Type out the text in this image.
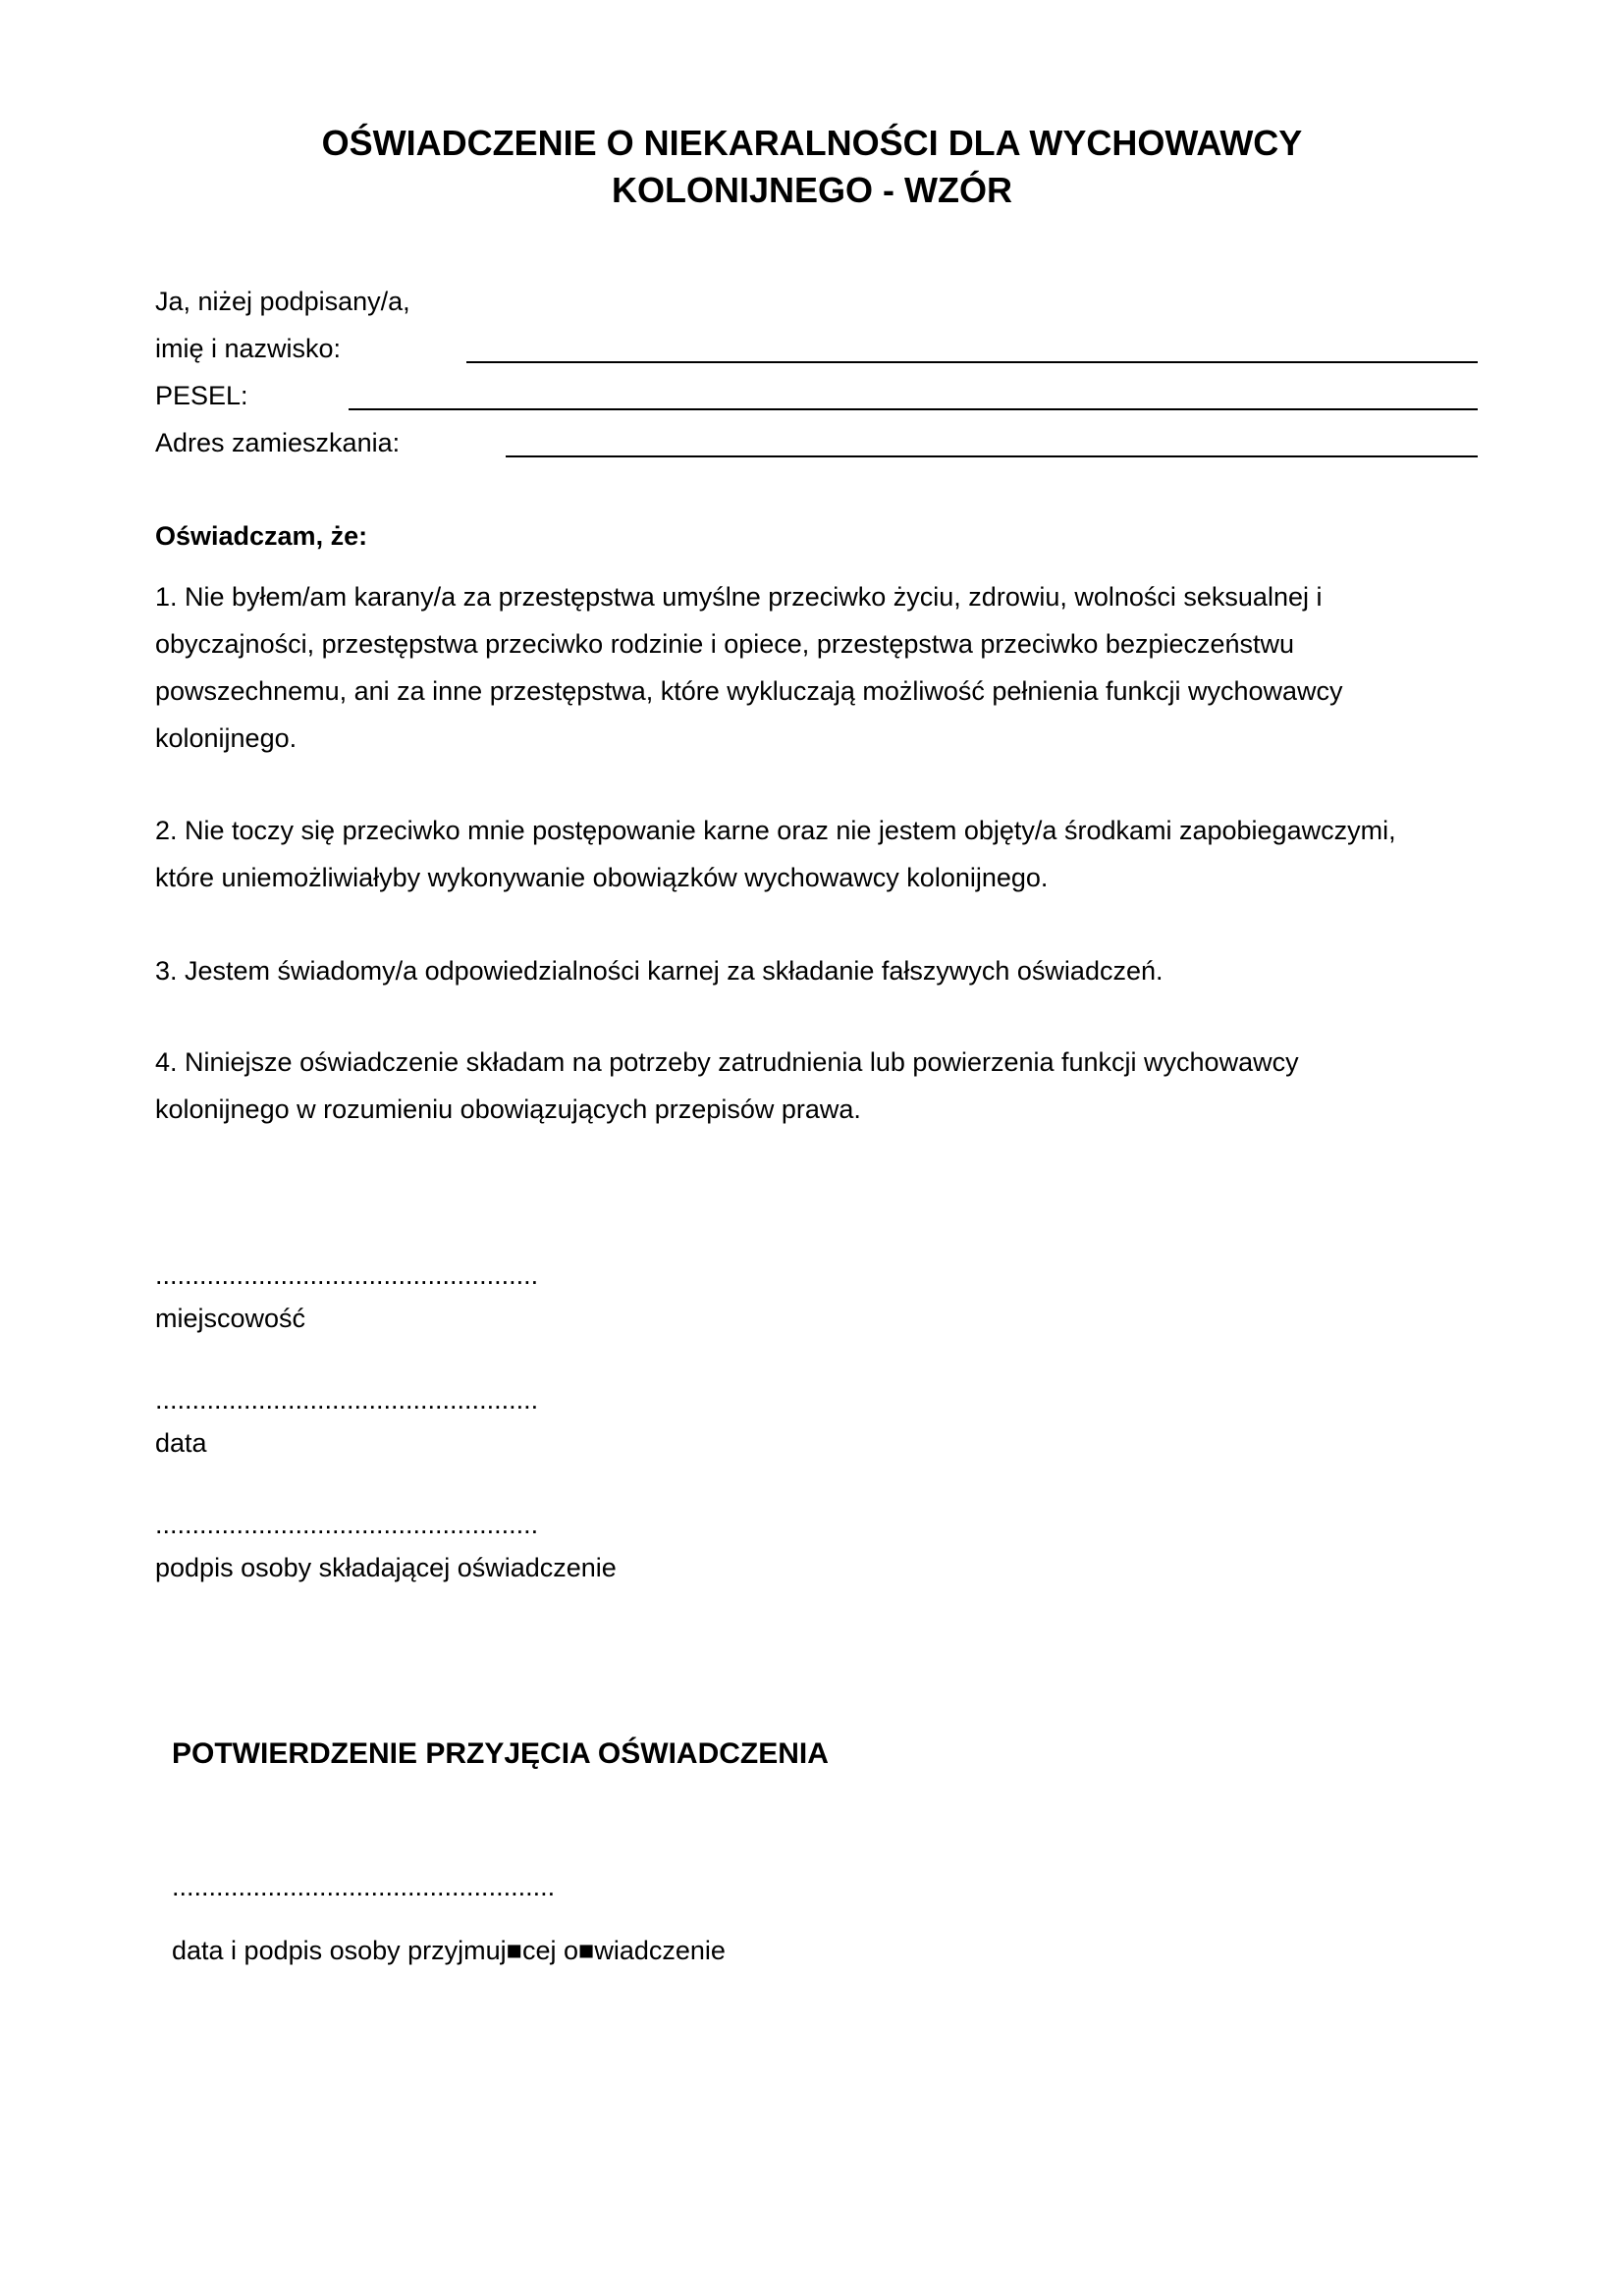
OŚWIADCZENIE O NIEKARALNOŚCI DLA WYCHOWAWCY
KOLONIJNEGO - WZÓR

Ja, niżej podpisany/a,

imię i nazwisko:

PESEL:

Adres zamieszkania:

Oświadczam, że:

1. Nie byłem/am karany/a za przestępstwa umyślne przeciwko życiu, zdrowiu, wolności seksualnej i
obyczajności, przestępstwa przeciwko rodzinie i opiece, przestępstwa przeciwko bezpieczeństwu
powszechnemu, ani za inne przestępstwa, które wykluczają możliwość pełnienia funkcji wychowawcy
kolonijnego.
2. Nie toczy się przeciwko mnie postępowanie karne oraz nie jestem objęty/a środkami zapobiegawczymi,
które uniemożliwiałyby wykonywanie obowiązków wychowawcy kolonijnego.
3. Jestem świadomy/a odpowiedzialności karnej za składanie fałszywych oświadczeń.
4. Niniejsze oświadczenie składam na potrzeby zatrudnienia lub powierzenia funkcji wychowawcy
kolonijnego w rozumieniu obowiązujących przepisów prawa.

....................................................

miejscowość

....................................................

data

....................................................

podpis osoby składającej oświadczenie

POTWIERDZENIE PRZYJĘCIA OŚWIADCZENIA

....................................................

data i podpis osoby przyjmuj■cej o■wiadczenie
